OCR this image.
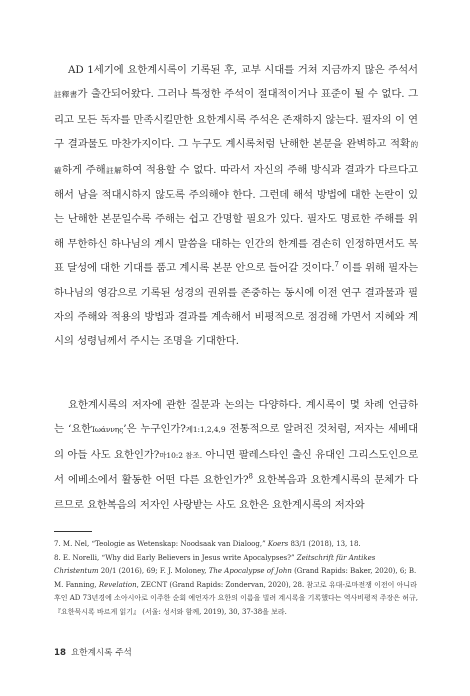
AD 1세기에 요한계시록이 기록된 후, 교부 시대를 거쳐 지금까지 많은 주석서註釋書가 출간되어왔다. 그러나 특정한 주석이 절대적이거나 표준이 될 수 없다. 그리고 모든 독자를 만족시킬만한 요한계시록 주석은 존재하지 않는다. 필자의 이 연구 결과물도 마찬가지이다. 그 누구도 계시록처럼 난해한 본문을 완벽하고 적확的確하게 주해註解하여 적용할 수 없다. 따라서 자신의 주해 방식과 결과가 다르다고 해서 남을 적대시하지 않도록 주의해야 한다. 그런데 해석 방법에 대한 논란이 있는 난해한 본문일수록 주해는 쉽고 간명할 필요가 있다. 필자도 명료한 주해를 위해 무한하신 하나님의 계시 말씀을 대하는 인간의 한계를 겸손히 인정하면서도 목표 달성에 대한 기대를 품고 계시록 본문 안으로 들어갈 것이다.$^7$ 이를 위해 필자는 하나님의 영감으로 기록된 성경의 권위를 존중하는 동시에 이전 연구 결과물과 필자의 주해와 적용의 방법과 결과를 계속해서 비평적으로 점검해 가면서 지혜와 계시의 성령님께서 주시는 조명을 기대한다.

요한계시록의 저자에 관한 질문과 논의는 다양하다. 계시록이 몇 차례 언급하는 ‘요한Ἰωάννης’은 누구인가?계1:1,2,4,9 전통적으로 알려진 것처럼, 저자는 세베대의 아들 사도 요한인가?마10:2 참조. 아니면 팔레스타인 출신 유대인 그리스도인으로서 에베소에서 활동한 어떤 다른 요한인가?$^8$ 요한복음과 요한계시록의 문체가 다르므로 요한복음의 저자인 사랑받는 사도 요한은 요한계시록의 저자와

7. M. Nel, “Teologie as Wetenskap: Noodsaak van Dialoog,” Koers 83/1 (2018), 13, 18.

8. E. Norelli, “Why did Early Believers in Jesus write Apocalypses?” Zeitschrift für Antikes Christentum 20/1 (2016), 69; F. J. Moloney, The Apocalypse of John (Grand Rapids: Baker, 2020), 6; B. M. Fanning, Revelation, ZECNT (Grand Rapids: Zondervan, 2020), 28. 참고로 유대-로마전쟁 이전이 아니라 후인 AD 73년경에 소아시아로 이주한 순회 예언자가 요한의 이름을 빌려 계시록을 기록했다는 역사비평적 주장은 허규, 『요한묵시록 바르게 읽기』 (서울: 성서와 함께, 2019), 30, 37-38을 보라.

18 요한계시록 주석
